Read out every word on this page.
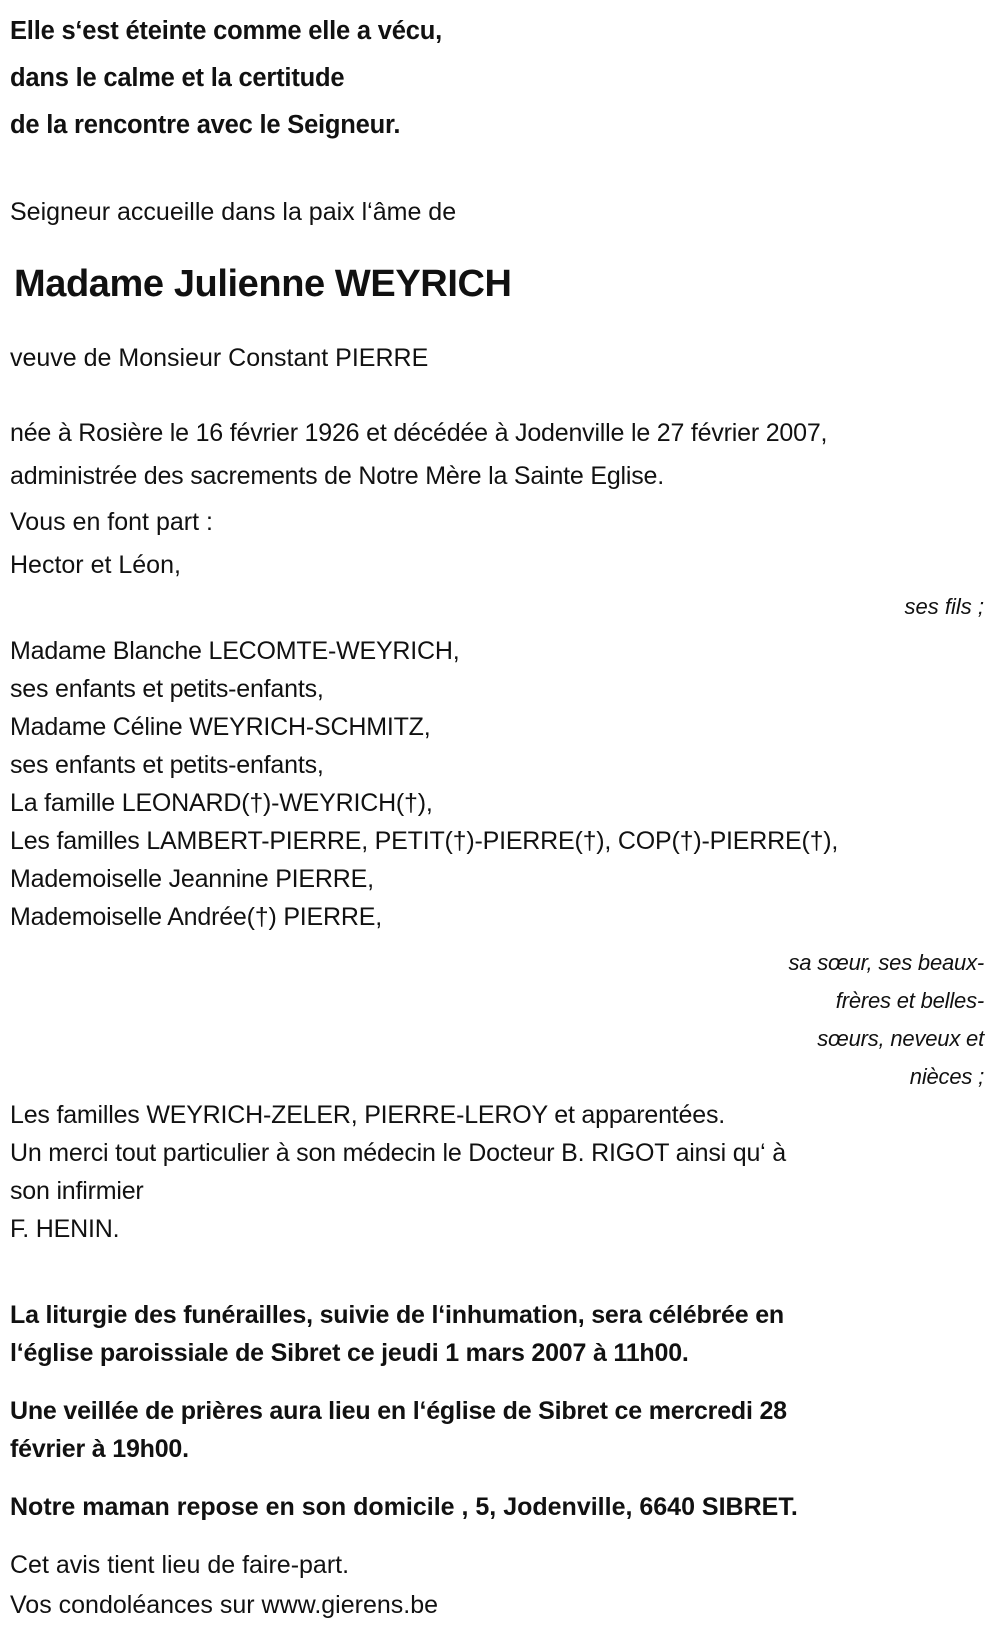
Elle s‘est éteinte comme elle a vécu,
dans le calme et la certitude
de la rencontre avec le Seigneur.
Seigneur accueille dans la paix l‘âme de
Madame Julienne WEYRICH
veuve de Monsieur Constant PIERRE
née à Rosière le 16 février 1926 et décédée à Jodenville le 27 février 2007,
administrée des sacrements de Notre Mère la Sainte Eglise.
Vous en font part :
Hector et Léon,
ses fils ;
Madame Blanche LECOMTE-WEYRICH,
ses enfants et petits-enfants,
Madame Céline WEYRICH-SCHMITZ,
ses enfants et petits-enfants,
La famille LEONARD(†)-WEYRICH(†),
Les familles LAMBERT-PIERRE, PETIT(†)-PIERRE(†), COP(†)-PIERRE(†),
Mademoiselle Jeannine PIERRE,
Mademoiselle Andrée(†) PIERRE,
sa sœur, ses beaux-
frères et belles-
sœurs, neveux et
nièces ;
Les familles WEYRICH-ZELER, PIERRE-LEROY et apparentées.
Un merci tout particulier à son médecin le Docteur B. RIGOT ainsi qu‘ à
son infirmier
F. HENIN.
La liturgie des funérailles, suivie de l‘inhumation, sera célébrée en
l‘église paroissiale de Sibret ce jeudi 1 mars 2007 à 11h00.
Une veillée de prières aura lieu en l‘église de Sibret ce mercredi 28
février à 19h00.
Notre maman repose en son domicile , 5, Jodenville, 6640 SIBRET.
Cet avis tient lieu de faire-part.
Vos condoléances sur www.gierens.be
